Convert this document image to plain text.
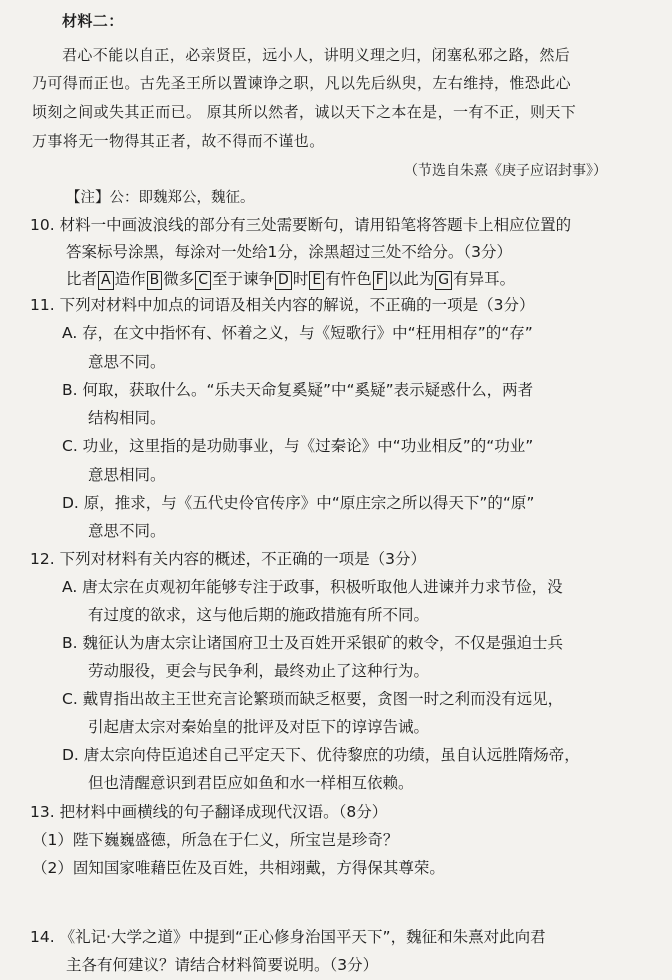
材料二：
君心不能以自正，必亲贤臣，远小人，讲明义理之归，闭塞私邪之路，然后
乃可得而正也。古先圣王所以置谏诤之职，凡以先后纵臾，左右维持，惟恐此心
顷刻之间或失其正而已。 原其所以然者，诚以天下之本在是，一有不正，则天下
万事将无一物得其正者，故不得而不谨也。
（节选自朱熹《庚子应诏封事》）
【注】公：即魏郑公，魏征。
10. 材料一中画波浪线的部分有三处需要断句，请用铅笔将答题卡上相应位置的
答案标号涂黑，每涂对一处给1分，涂黑超过三处不给分。（3分）
比者 A 造作 B 微多 C 至于谏争 D 时 E 有忤色 F 以此为 G 有异耳。
11. 下列对材料中加点的词语及相关内容的解说，不正确的一项是（3分）
A. 存，在文中指怀有、怀着之义，与《短歌行》中“枉用相存”的“存”
意思不同。
B. 何取，获取什么。“乐夫天命复奚疑”中“奚疑”表示疑惑什么，两者
结构相同。
C. 功业，这里指的是功勋事业，与《过秦论》中“功业相反”的“功业”
意思相同。
D. 原，推求，与《五代史伶官传序》中“原庄宗之所以得天下”的“原”
意思不同。
12. 下列对材料有关内容的概述，不正确的一项是（3分）
A. 唐太宗在贞观初年能够专注于政事，积极听取他人进谏并力求节俭，没
有过度的欲求，这与他后期的施政措施有所不同。
B. 魏征认为唐太宗让诸国府卫士及百姓开采银矿的敕令，不仅是强迫士兵
劳动服役，更会与民争利，最终劝止了这种行为。
C. 戴胄指出故主王世充言论繁琐而缺乏枢要，贪图一时之利而没有远见，
引起唐太宗对秦始皇的批评及对臣下的谆谆告诫。
D. 唐太宗向侍臣追述自己平定天下、优待黎庶的功绩，虽自认远胜隋炀帝，
但也清醒意识到君臣应如鱼和水一样相互依赖。
13. 把材料中画横线的句子翻译成现代汉语。（8分）
（1）陛下巍巍盛德，所急在于仁义，所宝岂是珍奇？
（2）固知国家唯藉臣佐及百姓，共相翊戴，方得保其尊荣。
14. 《礼记·大学之道》中提到“正心修身治国平天下”，魏征和朱熹对此向君
主各有何建议？请结合材料简要说明。（3分）
